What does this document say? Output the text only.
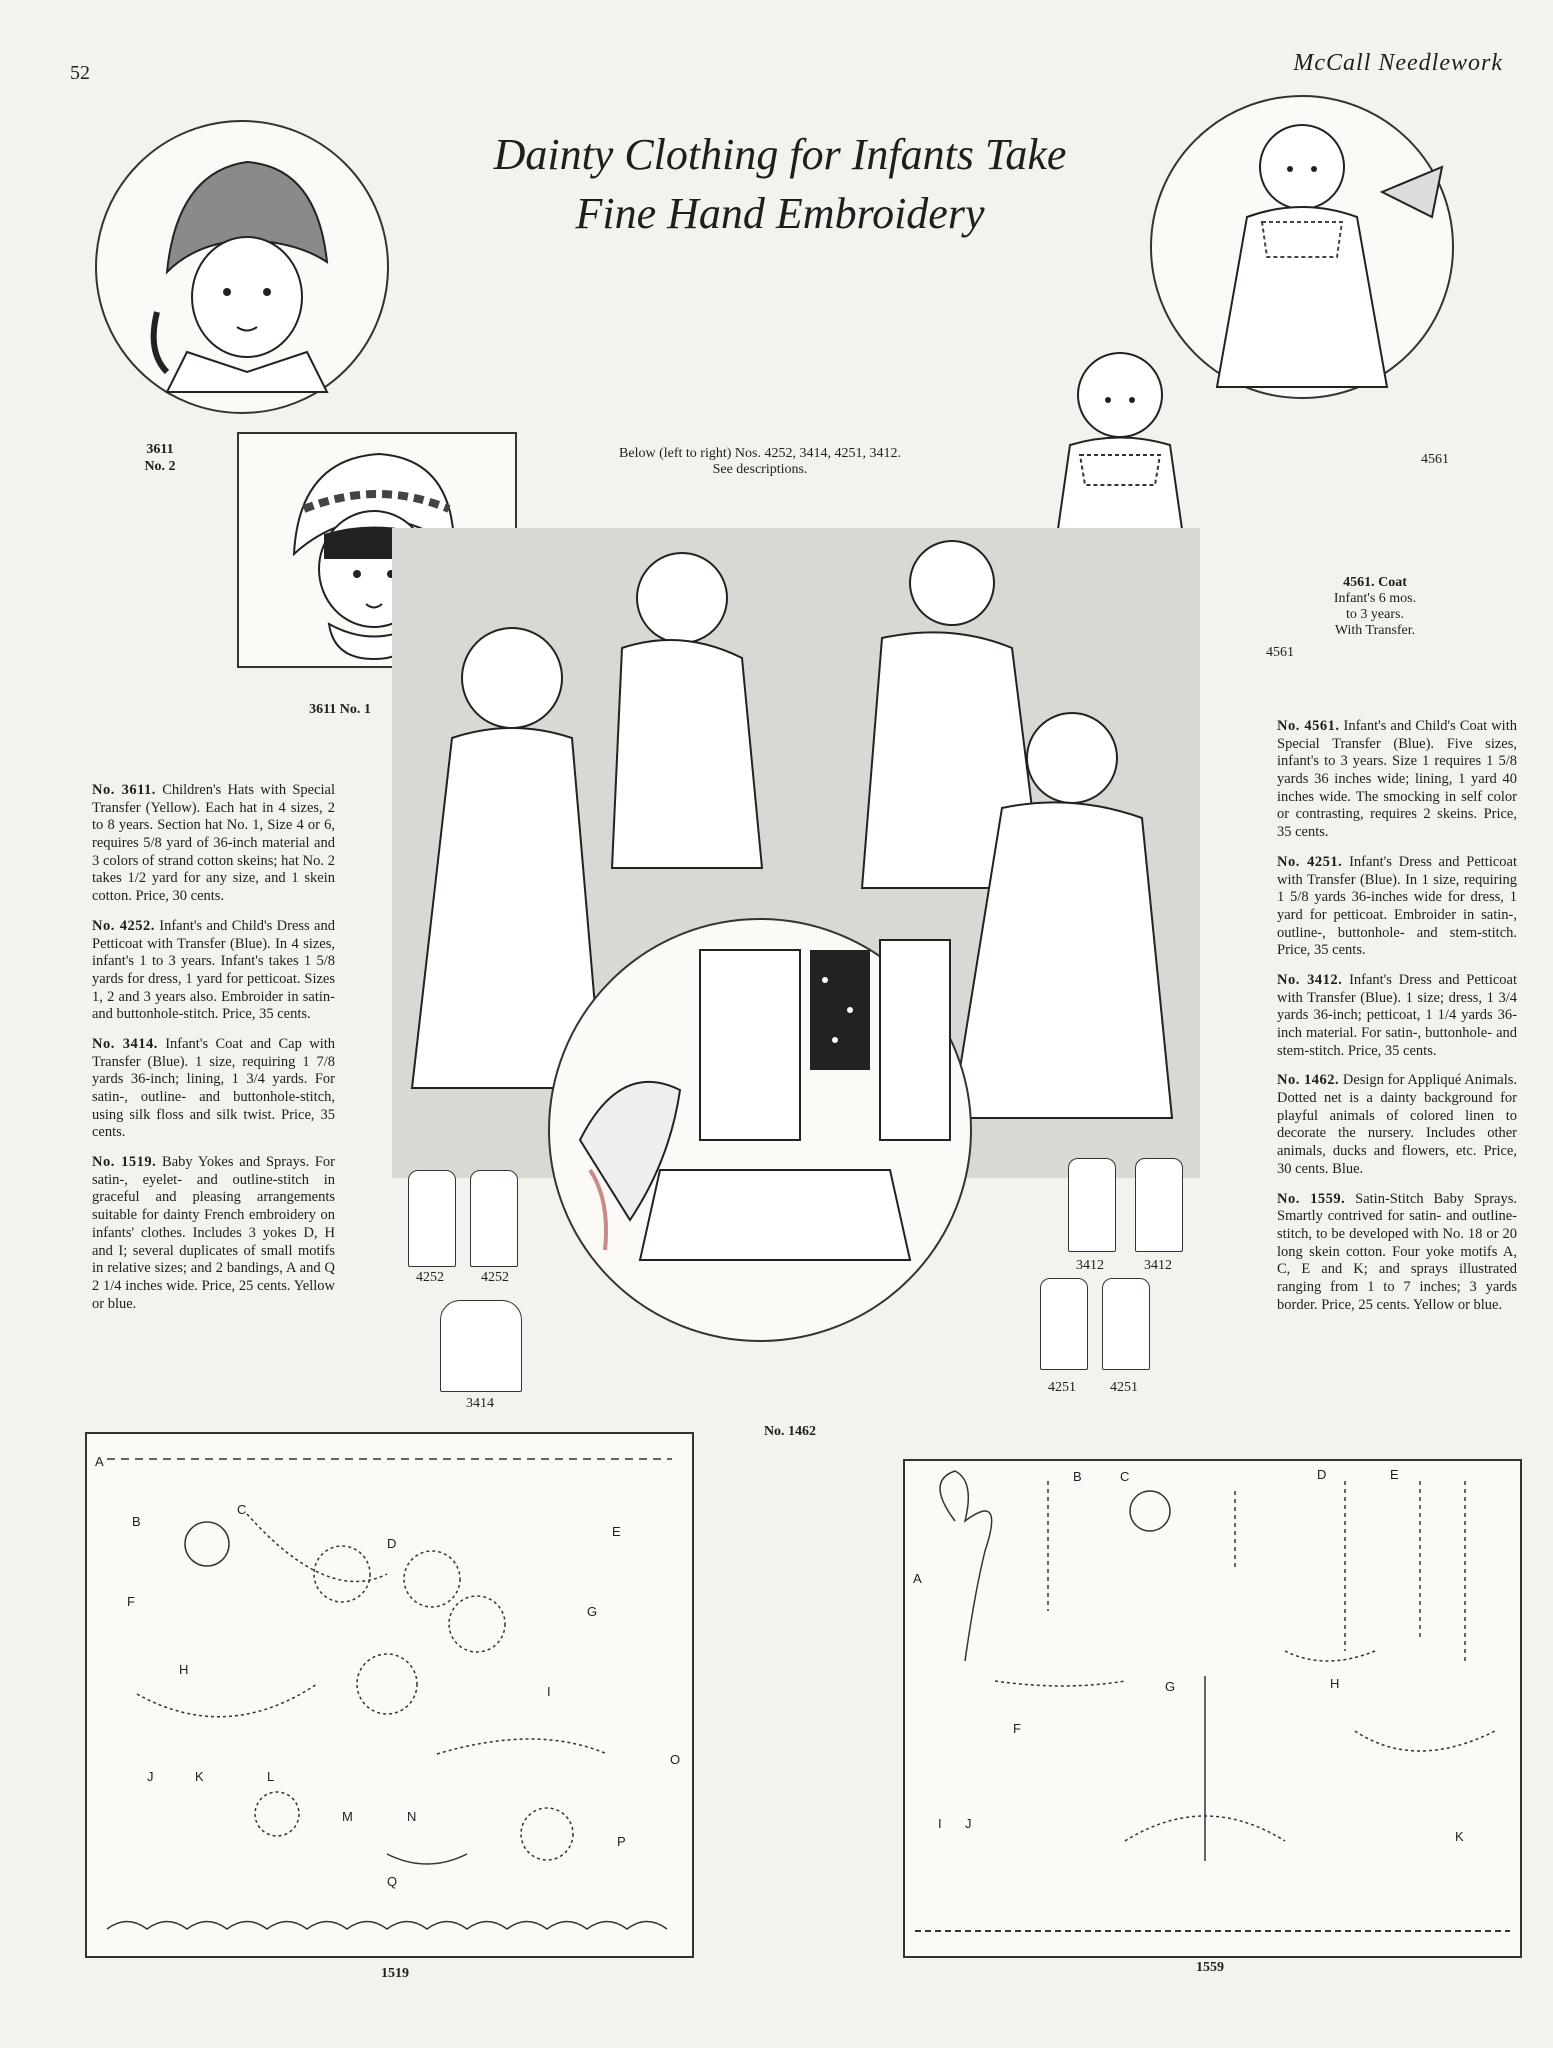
52	McCall Needlework
Dainty Clothing for Infants Take
Fine Hand Embroidery
3611
No. 2
3611 No. 1
Below (left to right) Nos. 4252, 3414, 4251, 3412.
See descriptions.
4561
4561
4561. Coat
Infant's 6 mos.
to 3 years.
With Transfer.
No. 1462
4252	4252
3414
3412	3412
4251	4251

No. 3611. Children's Hats with Special Transfer (Yellow). Each hat in 4 sizes, 2 to 8 years. Section hat No. 1, Size 4 or 6, requires 5/8 yard of 36-inch material and 3 colors of strand cotton skeins; hat No. 2 takes 1/2 yard for any size, and 1 skein cotton. Price, 30 cents.

No. 4252. Infant's and Child's Dress and Petticoat with Transfer (Blue). In 4 sizes, infant's 1 to 3 years. Infant's takes 1 5/8 yards for dress, 1 yard for petticoat. Sizes 1, 2 and 3 years also. Embroider in satin- and buttonhole-stitch. Price, 35 cents.

No. 3414. Infant's Coat and Cap with Transfer (Blue). 1 size, requiring 1 7/8 yards 36-inch; lining, 1 3/4 yards. For satin-, outline- and buttonhole-stitch, using silk floss and silk twist. Price, 35 cents.

No. 1519. Baby Yokes and Sprays. For satin-, eyelet- and outline-stitch in graceful and pleasing arrangements suitable for dainty French embroidery on infants' clothes. Includes 3 yokes D, H and I; several duplicates of small motifs in relative sizes; and 2 bandings, A and Q 2 1/4 inches wide. Price, 25 cents. Yellow or blue.

No. 4561. Infant's and Child's Coat with Special Transfer (Blue). Five sizes, infant's to 3 years. Size 1 requires 1 5/8 yards 36 inches wide; lining, 1 yard 40 inches wide. The smocking in self color or contrasting, requires 2 skeins. Price, 35 cents.

No. 4251. Infant's Dress and Petticoat with Transfer (Blue). In 1 size, requiring 1 5/8 yards 36-inches wide for dress, 1 yard for petticoat. Embroider in satin-, outline-, buttonhole- and stem-stitch. Price, 35 cents.

No. 3412. Infant's Dress and Petticoat with Transfer (Blue). 1 size; dress, 1 3/4 yards 36-inch; petticoat, 1 1/4 yards 36-inch material. For satin-, buttonhole- and stem-stitch. Price, 35 cents.

No. 1462. Design for Appliqué Animals. Dotted net is a dainty background for playful animals of colored linen to decorate the nursery. Includes other animals, ducks and flowers, etc. Price, 30 cents. Blue.

No. 1559. Satin-Stitch Baby Sprays. Smartly contrived for satin- and outline-stitch, to be developed with No. 18 or 20 long skein cotton. Four yoke motifs A, C, E and K; and sprays illustrated ranging from 1 to 7 inches; 3 yards border. Price, 25 cents. Yellow or blue.

A
B
C
D
E
F
G
H
I
J	K	L
M	N
O
P
Q
1519
A
B	C	D	E
F
G	H
I J
K
1559
